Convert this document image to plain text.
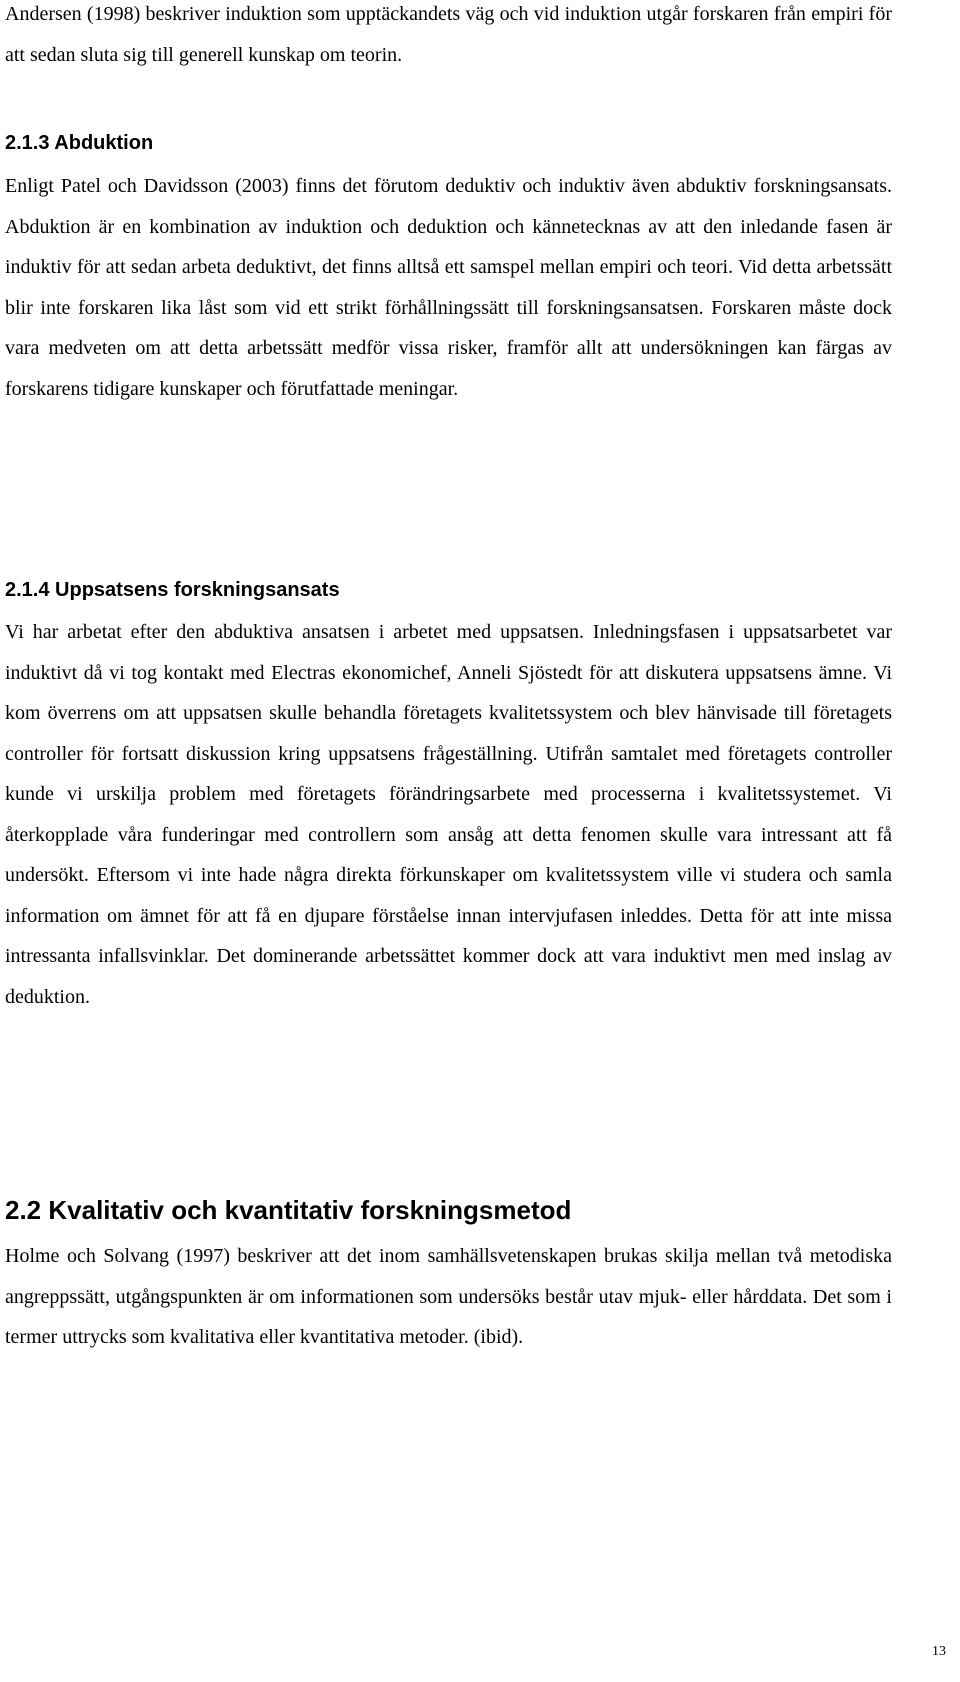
Andersen (1998) beskriver induktion som upptäckandets väg och vid induktion utgår forskaren från empiri för att sedan sluta sig till generell kunskap om teorin.

2.1.3 Abduktion

Enligt Patel och Davidsson (2003) finns det förutom deduktiv och induktiv även abduktiv forskningsansats. Abduktion är en kombination av induktion och deduktion och kännetecknas av att den inledande fasen är induktiv för att sedan arbeta deduktivt, det finns alltså ett samspel mellan empiri och teori. Vid detta arbetssätt blir inte forskaren lika låst som vid ett strikt förhållningssätt till forskningsansatsen. Forskaren måste dock vara medveten om att detta arbetssätt medför vissa risker, framför allt att undersökningen kan färgas av forskarens tidigare kunskaper och förutfattade meningar.

2.1.4 Uppsatsens forskningsansats

Vi har arbetat efter den abduktiva ansatsen i arbetet med uppsatsen. Inledningsfasen i uppsatsarbetet var induktivt då vi tog kontakt med Electras ekonomichef, Anneli Sjöstedt för att diskutera uppsatsens ämne. Vi kom överrens om att uppsatsen skulle behandla företagets kvalitetssystem och blev hänvisade till företagets controller för fortsatt diskussion kring uppsatsens frågeställning. Utifrån samtalet med företagets controller kunde vi urskilja problem med företagets förändringsarbete med processerna i kvalitetssystemet. Vi återkopplade våra funderingar med controllern som ansåg att detta fenomen skulle vara intressant att få undersökt. Eftersom vi inte hade några direkta förkunskaper om kvalitetssystem ville vi studera och samla information om ämnet för att få en djupare förståelse innan intervjufasen inleddes. Detta för att inte missa intressanta infallsvinklar. Det dominerande arbetssättet kommer dock att vara induktivt men med inslag av deduktion.

2.2 Kvalitativ och kvantitativ forskningsmetod

Holme och Solvang (1997) beskriver att det inom samhällsvetenskapen brukas skilja mellan två metodiska angreppssätt, utgångspunkten är om informationen som undersöks består utav mjuk- eller hårddata. Det som i termer uttrycks som kvalitativa eller kvantitativa metoder. (ibid).

13
